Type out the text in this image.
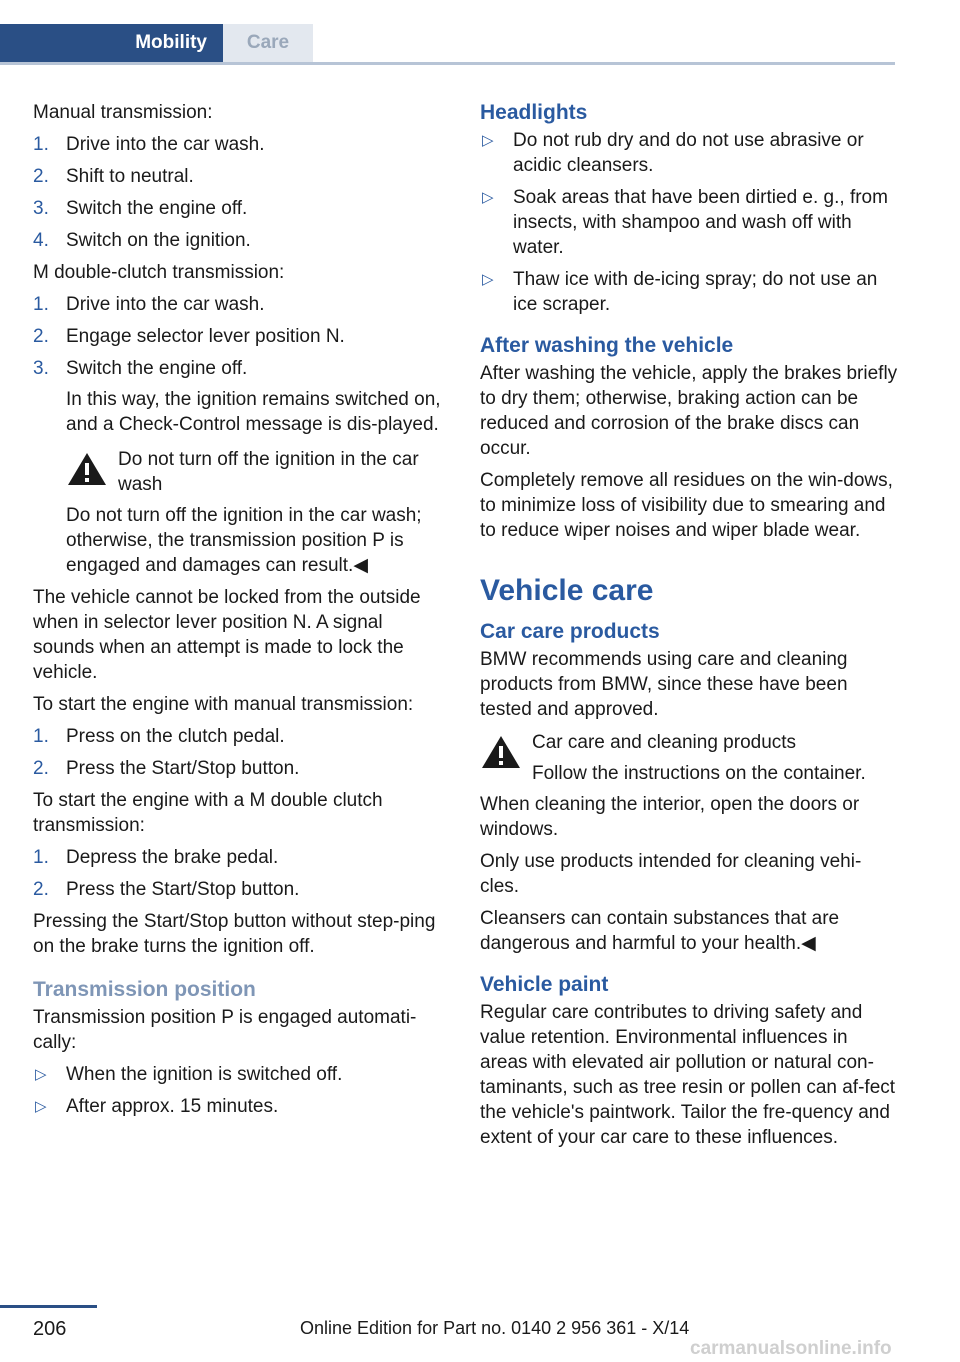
Mobility	Care

Manual transmission:

1. Drive into the car wash.
2. Shift to neutral.
3. Switch the engine off.
4. Switch on the ignition.

M double-clutch transmission:

1. Drive into the car wash.
2. Engage selector lever position N.
3. Switch the engine off.
In this way, the ignition remains switched on, and a Check-Control message is dis‐played.
Do not turn off the ignition in the car wash
Do not turn off the ignition in the car wash; otherwise, the transmission position P is engaged and damages can result.◀

The vehicle cannot be locked from the outside when in selector lever position N. A signal sounds when an attempt is made to lock the vehicle.

To start the engine with manual transmission:

1. Press on the clutch pedal.
2. Press the Start/Stop button.

To start the engine with a M double clutch transmission:

1. Depress the brake pedal.
2. Press the Start/Stop button.

Pressing the Start/Stop button without step‐ping on the brake turns the ignition off.

Transmission position

Transmission position P is engaged automati‐cally:

▷ When the ignition is switched off.
▷ After approx. 15 minutes.
Headlights
▷ Do not rub dry and do not use abrasive or acidic cleansers.
▷ Soak areas that have been dirtied e. g., from insects, with shampoo and wash off with water.
▷ Thaw ice with de-icing spray; do not use an ice scraper.
After washing the vehicle

After washing the vehicle, apply the brakes briefly to dry them; otherwise, braking action can be reduced and corrosion of the brake discs can occur.

Completely remove all residues on the win‐dows, to minimize loss of visibility due to smearing and to reduce wiper noises and wiper blade wear.

Vehicle care
Car care products

BMW recommends using care and cleaning products from BMW, since these have been tested and approved.

Car care and cleaning products
Follow the instructions on the container.

When cleaning the interior, open the doors or windows.

Only use products intended for cleaning vehi‐cles.

Cleansers can contain substances that are dangerous and harmful to your health.◀

Vehicle paint

Regular care contributes to driving safety and value retention. Environmental influences in areas with elevated air pollution or natural con‐taminants, such as tree resin or pollen can af‐fect the vehicle's paintwork. Tailor the fre‐quency and extent of your car care to these influences.

206	Online Edition for Part no. 0140 2 956 361 - X/14
carmanualsonline.info
